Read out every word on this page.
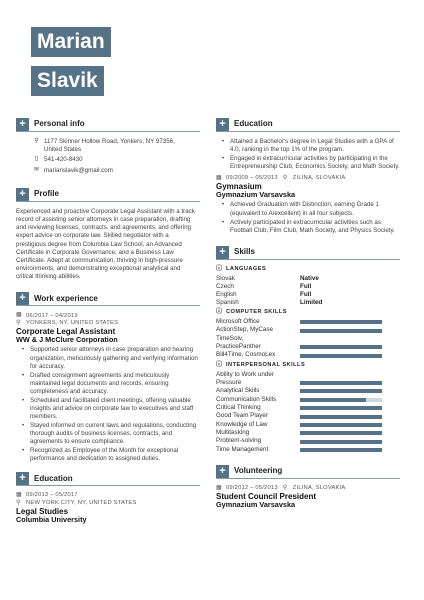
Marian
Slavik
+	Personal info
⚲ 1177 Skinner Hollow Road, Yonkers, NY 97356, United States
▯ 541-420-8430
✉ marianslavik@gmail.com
+	Profile
Experienced and proactive Corporate Legal Assistant with a track record of assisting senior attorneys in case preparation, drafting and reviewing licenses, contracts, and agreements, and offering expert advice on corporate law. Skilled negotiator with a prestigious degree from Columbia Law School, an Advanced Certificate in Corporate Governance, and a Business Law Certificate. Adept at communication, thriving in high-pressure environments, and demonstrating exceptional analytical and critical thinking abilities.
+	Work experience
▦ 06/2017 – 04/2019
⚲ YONKERS, NY, UNITED STATES
Corporate Legal Assistant
WW & J McClure Corporation
• Supported senior attorneys in case preparation and hearing organization, meticulously gathering and verifying information for accuracy.
• Drafted consignment agreements and meticulously maintained legal documents and records, ensuring completeness and accuracy.
• Scheduled and facilitated client meetings, offering valuable insights and advice on corporate law to executives and staff members.
• Stayed informed on current laws and regulations, conducting thorough audits of business licenses, contracts, and agreements to ensure compliance.
• Recognized as Employee of the Month for exceptional performance and dedication to assigned duties.
+	Education
▦ 09/2013 – 05/2017
⚲ NEW YORK CITY, NY, UNITED STATES
Legal Studies
Columbia University
+	Education
• Attained a Bachelor's degree in Legal Studies with a GPA of 4.0, ranking in the top 1% of the program.
• Engaged in extracurricular activities by participating in the Entrepreneurship Club, Economics Society, and Math Society.
▦ 09/2009 – 05/2013 ⚲ ZILINA, SLOVAKIA
Gymnasium
Gymnazium Varsavska
• Achieved Graduation with Distinction, earning Grade 1 (equivalent to A/excellent) in all four subjects.
• Actively participated in extracurricular activities such as Football Club, Film Club, Math Society, and Physics Society.
+	Skills
ⓘ LANGUAGES
Slovak	Native
Czech	Full
English	Full
Spanish	Limited
ⓘ COMPUTER SKILLS
Microsoft Office
ActionStep, MyCase
TimeSolv,
PracticePanther
Bill4Time, CosmoLex
ⓘ INTERPERSONAL SKILLS
Ability to Work under
Pressure
Analytical Skills
Communication Skills
Critical Thinking
Good Team Player
Knowledge of Law
Multitasking
Problem-solving
Time Management
+	Volunteering
▦ 09/2012 – 05/2013 ⚲ ZILINA, SLOVAKIA
Student Council President
Gymnazium Varsavska
